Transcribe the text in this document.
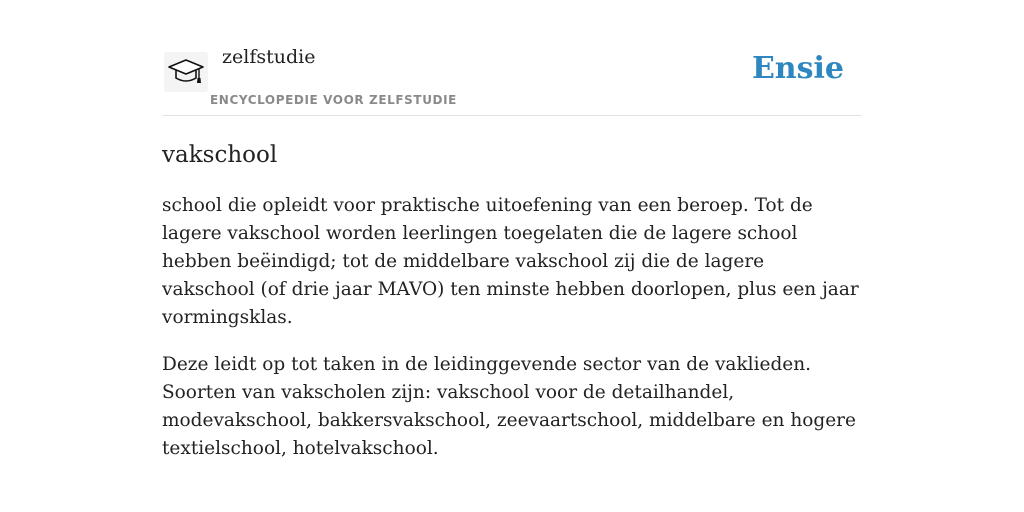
zelfstudie
ENCYCLOPEDIE VOOR ZELFSTUDIE
Ensie
vakschool

school die opleidt voor praktische uitoefening van een beroep. Tot de lagere vakschool worden leerlingen toegelaten die de lagere school hebben beëindigd; tot de middelbare vakschool zij die de lagere vakschool (of drie jaar MAVO) ten minste hebben doorlopen, plus een jaar vormingsklas.

Deze leidt op tot taken in de leidinggevende sector van de vaklieden. Soorten van vakscholen zijn: vakschool voor de detailhandel, modevakschool, bakkersvakschool, zeevaartschool, middelbare en hogere textielschool, hotelvakschool.
